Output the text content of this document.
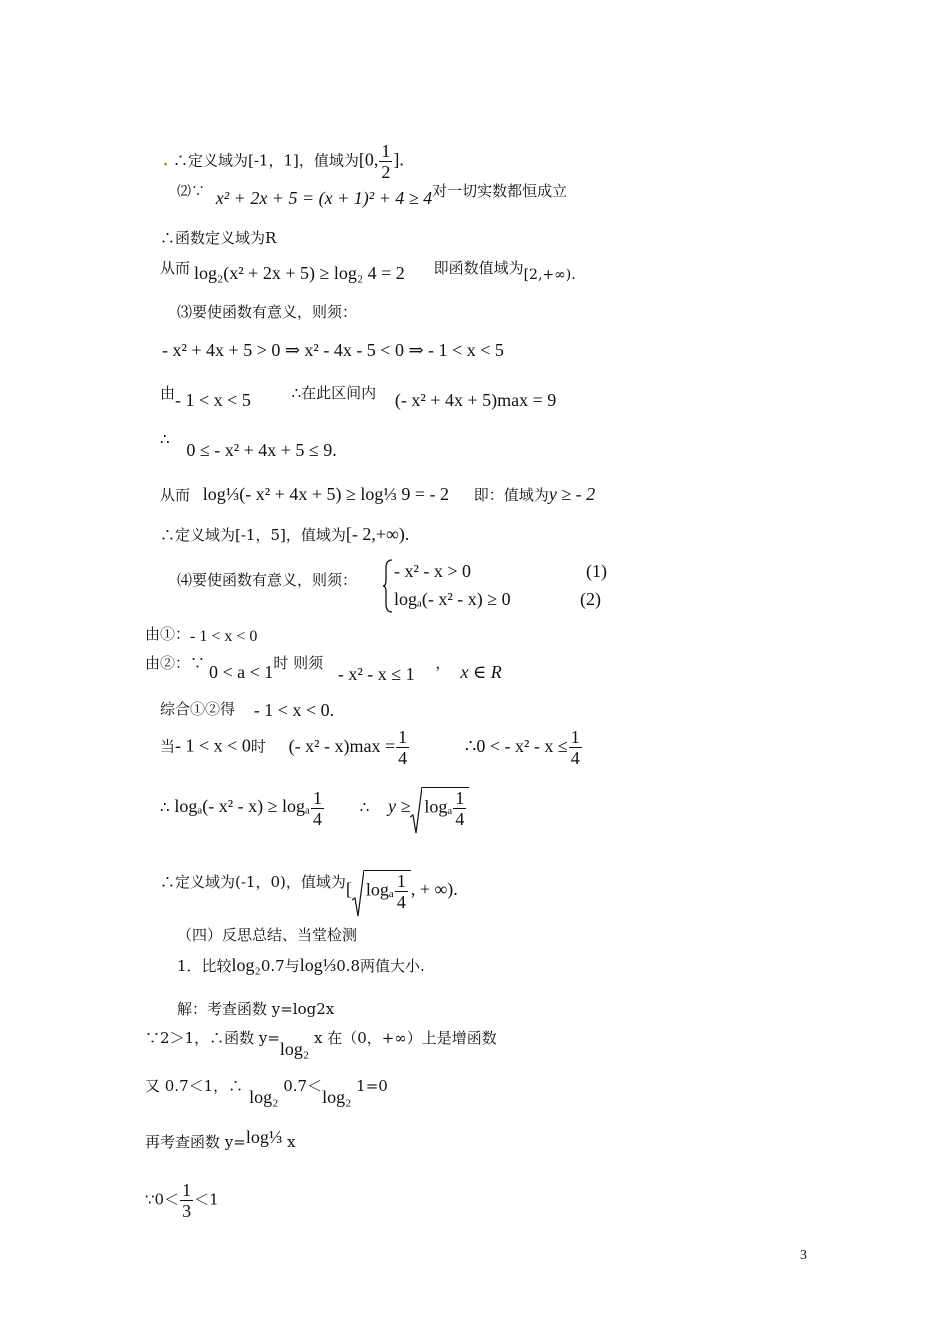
. ∴定义域为[-1，1]，值域为[0, $\frac{1}{2}$ ].
⑵∵ x² + 2x + 5 = (x + 1)² + 4 ≥ 4对一切实数都恒成立
∴函数定义域为R
从而 log₂(x² + 2x + 5) ≥ log₂ 4 = 2 即函数值域为[2,+∞).
⑶要使函数有意义，则须：
- x² + 4x + 5 > 0 ⇒ x² - 4x - 5 < 0 ⇒ - 1 < x < 5
由- 1 < x < 5	∴在此区间内 (- x² + 4x + 5)max = 9
∴ 0 ≤ - x² + 4x + 5 ≤ 9.
从而 log⅓(- x² + 4x + 5) ≥ log⅓ 9 = - 2 即：值域为y ≥ - 2
∴定义域为[-1，5]，值域为[- 2,+∞).
⑷要使函数有意义，则须： - x² - x > 0	(1)
logₐ(- x² - x) ≥ 0	(2)
由①：- 1 < x < 0
由②：∵ 0 < a < 1时 则须 - x² - x ≤ 1 ， x ∈ R
综合①②得 - 1 < x < 0.
当- 1 < x < 0时 (- $x^2 - x)\max = \frac{1}{4}$	∴0 < - $x^2 - x \le \frac{1}{4}$
∴ logₐ(- x² - x) ≥ logₐ $\frac{1}{4}$ ∴ y ≥ logₐ $\frac{1}{4}$
∴定义域为(-1，0)，值域为[ logₐ $\frac{1}{4}$ , + ∞).
（四）反思总结、当堂检测
1．比较log₂0.7与log⅓0.8两值大小.
解：考查函数 y=log2x
∵2＞1，∴函数 y=log₂ x 在（0，+∞）上是增函数
又 0.7＜1，∴log₂ 0.7＜log₂ 1=0
再考查函数 y=log⅓ x
∵0＜ $\frac{1}{3} <1$
3
